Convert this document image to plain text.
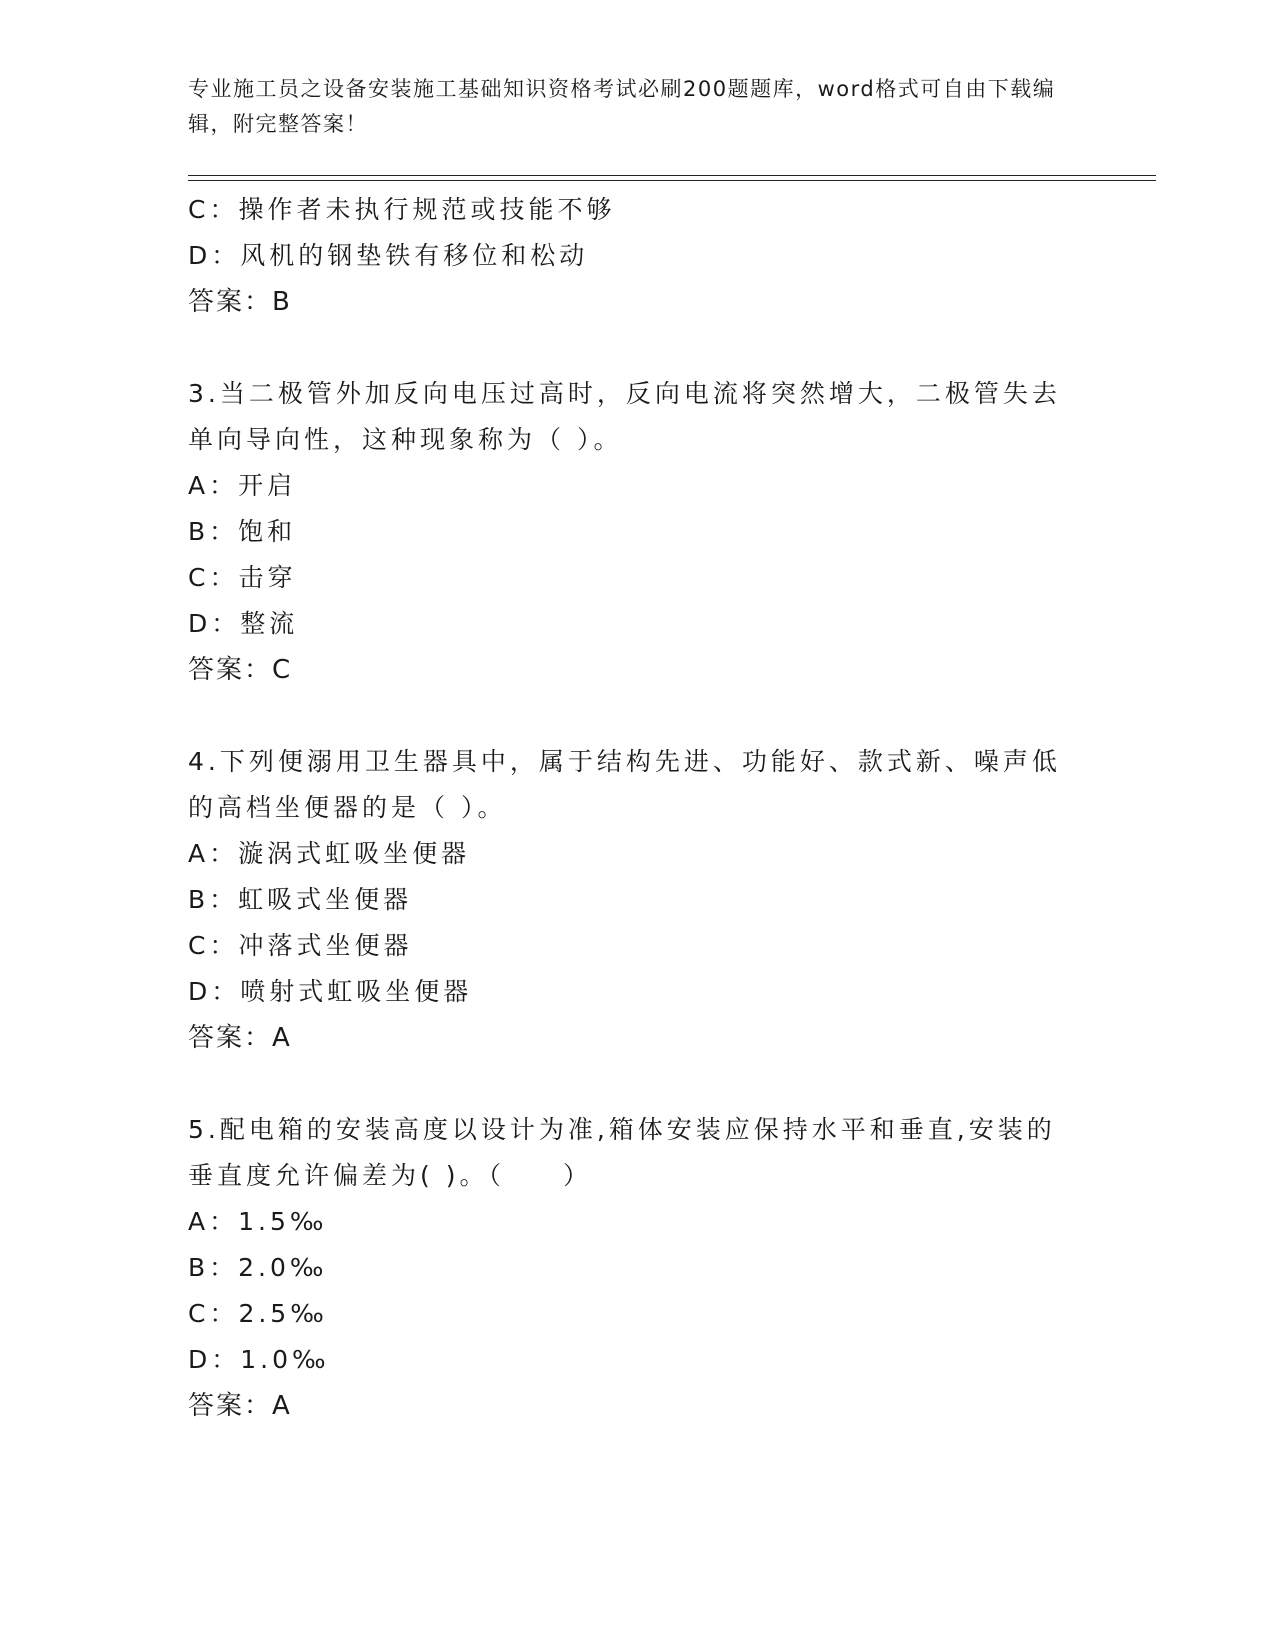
专业施工员之设备安装施工基础知识资格考试必刷200题题库，word格式可自由下载编辑，附完整答案！
C：操作者未执行规范或技能不够
D：风机的钢垫铁有移位和松动
答案：B
3.当二极管外加反向电压过高时，反向电流将突然增大，二极管失去单向导向性，这种现象称为（ ）。
A：开启
B：饱和
C：击穿
D：整流
答案：C
4.下列便溺用卫生器具中，属于结构先进、功能好、款式新、噪声低的高档坐便器的是（ ）。
A：漩涡式虹吸坐便器
B：虹吸式坐便器
C：冲落式坐便器
D：喷射式虹吸坐便器
答案：A
5.配电箱的安装高度以设计为准,箱体安装应保持水平和垂直,安装的垂直度允许偏差为( )。（　　）
A：1.5‰
B：2.0‰
C：2.5‰
D：1.0‰
答案：A
